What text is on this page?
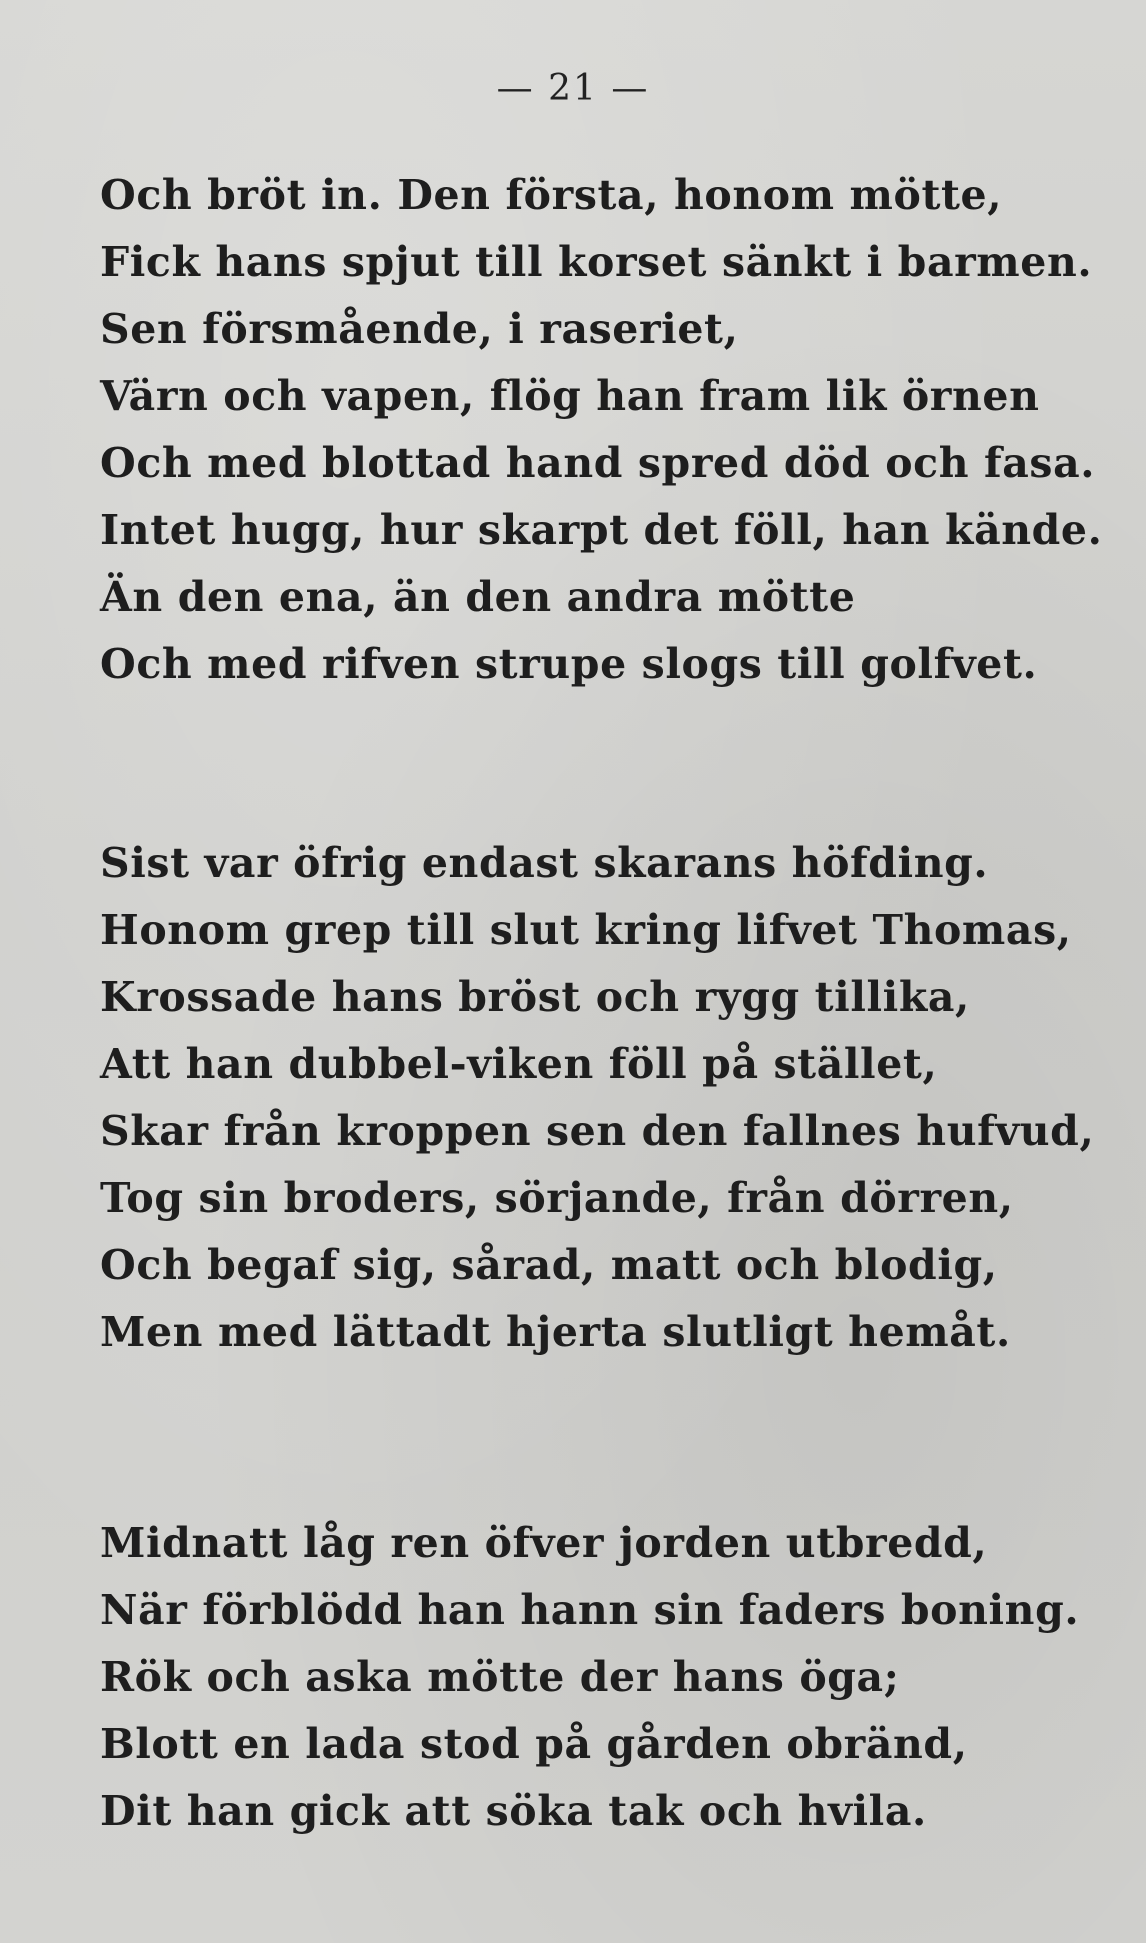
— 21 —
Och bröt in. Den första, honom mötte,
Fick hans spjut till korset sänkt i barmen.
Sen försmående, i raseriet,
Värn och vapen, flög han fram lik örnen
Och med blottad hand spred död och fasa.
Intet hugg, hur skarpt det föll, han kände.
Än den ena, än den andra mötte
Och med rifven strupe slogs till golfvet.
Sist var öfrig endast skarans höfding.
Honom grep till slut kring lifvet Thomas,
Krossade hans bröst och rygg tillika,
Att han dubbel-viken föll på stället,
Skar från kroppen sen den fallnes hufvud,
Tog sin broders, sörjande, från dörren,
Och begaf sig, sårad, matt och blodig,
Men med lättadt hjerta slutligt hemåt.
Midnatt låg ren öfver jorden utbredd,
När förblödd han hann sin faders boning.
Rök och aska mötte der hans öga;
Blott en lada stod på gården obränd,
Dit han gick att söka tak och hvila.
